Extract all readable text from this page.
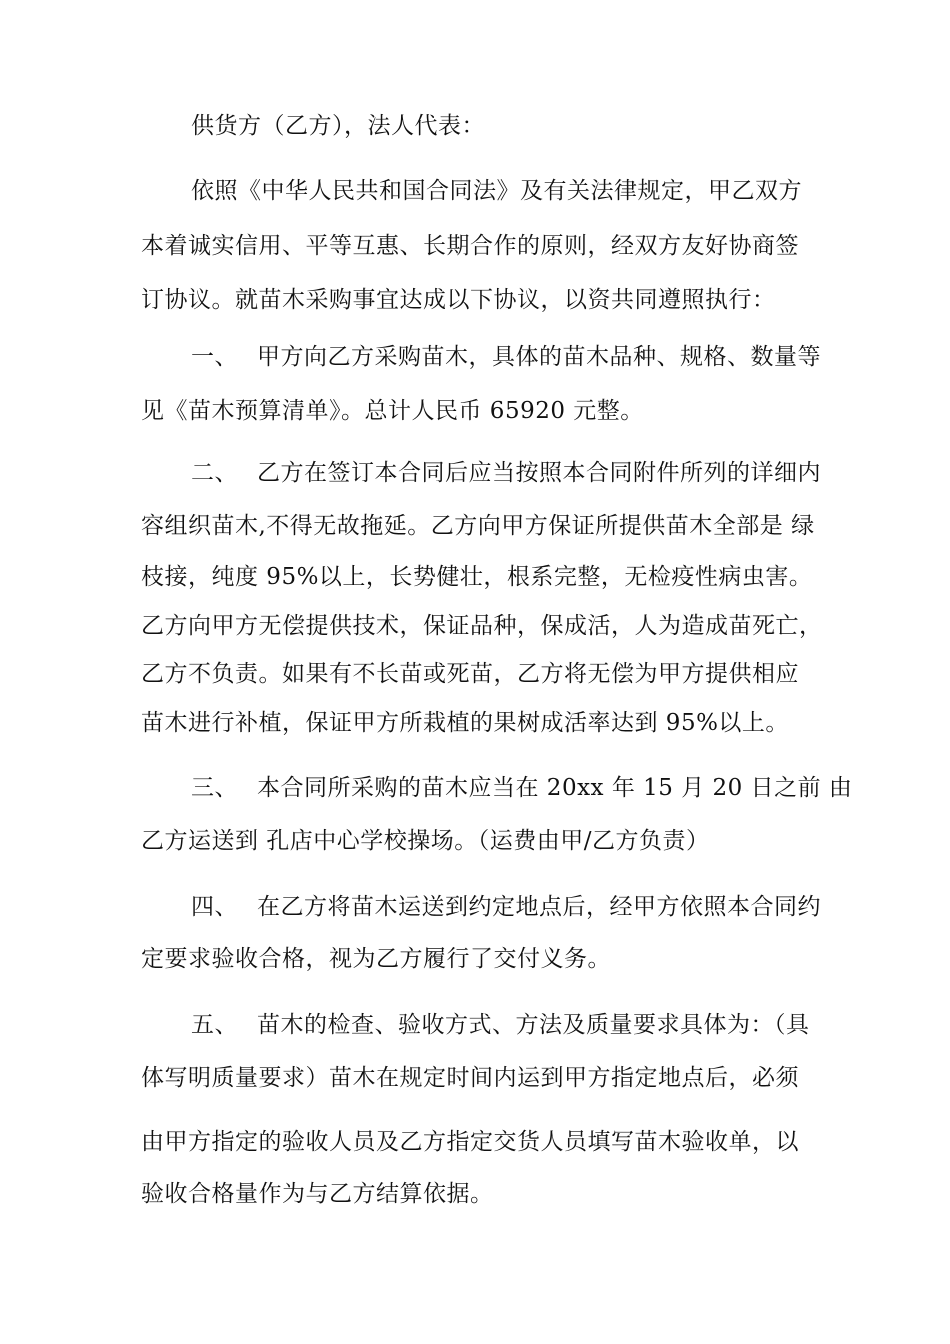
供货方（乙方），法人代表：
依照《中华人民共和国合同法》及有关法律规定，甲乙双方
本着诚实信用、平等互惠、长期合作的原则，经双方友好协商签
订协议。就苗木采购事宜达成以下协议，以资共同遵照执行：
一、 甲方向乙方采购苗木，具体的苗木品种、规格、数量等
见《苗木预算清单》。总计人民币 65920 元整。
二、 乙方在签订本合同后应当按照本合同附件所列的详细内
容组织苗木,不得无故拖延。乙方向甲方保证所提供苗木全部是 绿
枝接，纯度 95%以上，长势健壮，根系完整，无检疫性病虫害。
乙方向甲方无偿提供技术，保证品种，保成活，人为造成苗死亡，
乙方不负责。如果有不长苗或死苗，乙方将无偿为甲方提供相应
苗木进行补植，保证甲方所栽植的果树成活率达到 95%以上。
三、 本合同所采购的苗木应当在 20xx 年 15 月 20 日之前 由
乙方运送到 孔店中心学校操场。（运费由甲/乙方负责）
四、 在乙方将苗木运送到约定地点后，经甲方依照本合同约
定要求验收合格，视为乙方履行了交付义务。
五、 苗木的检查、验收方式、方法及质量要求具体为：（具
体写明质量要求）苗木在规定时间内运到甲方指定地点后，必须
由甲方指定的验收人员及乙方指定交货人员填写苗木验收单，以
验收合格量作为与乙方结算依据。
